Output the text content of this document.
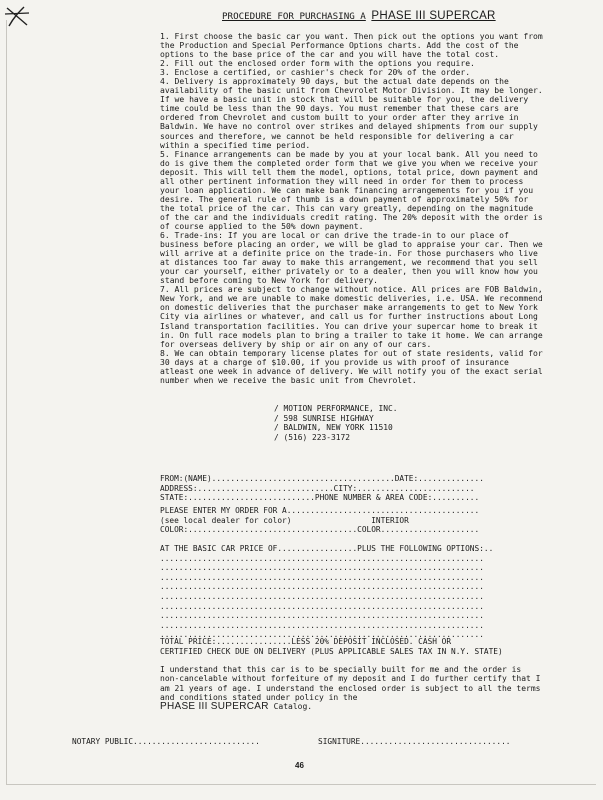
PROCEDURE FOR PURCHASING A PHASE III SUPERCAR

1. First choose the basic car you want. Then pick out the options you want from the Production and Special Performance Options charts. Add the cost of the options to the base price of the car and you will have the total cost.

2. Fill out the enclosed order form with the options you require.

3. Enclose a certified, or cashier's check for 20% of the order.

4. Delivery is approximately 90 days, but the actual date depends on the availability of the basic unit from Chevrolet Motor Division. It may be longer. If we have a basic unit in stock that will be suitable for you, the delivery time could be less than the 90 days. You must remember that these cars are ordered from Chevrolet and custom built to your order after they arrive in Baldwin. We have no control over strikes and delayed shipments from our supply sources and therefore, we cannot be held responsible for delivering a car within a specified time period.

5. Finance arrangements can be made by you at your local bank. All you need to do is give them the completed order form that we give you when we receive your deposit. This will tell them the model, options, total price, down payment and all other pertinent information they will need in order for them to process your loan application. We can make bank financing arrangements for you if you desire. The general rule of thumb is a down payment of approximately 50% for the total price of the car. This can vary greatly, depending on the magnitude of the car and the individuals credit rating. The 20% deposit with the order is of course applied to the 50% down payment.

6. Trade-ins: If you are local or can drive the trade-in to our place of business before placing an order, we will be glad to appraise your car. Then we will arrive at a definite price on the trade-in. For those purchasers who live at distances too far away to make this arrangement, we recommend that you sell your car yourself, either privately or to a dealer, then you will know how you stand before coming to New York for delivery.

7. All prices are subject to change without notice. All prices are FOB Baldwin, New York, and we are unable to make domestic deliveries, i.e. USA. We recommend on domestic deliveries that the purchaser make arrangements to get to New York City via airlines or whatever, and call us for further instructions about Long Island transportation facilities. You can drive your supercar home to break it in. On full race models plan to bring a trailer to take it home. We can arrange for overseas delivery by ship or air on any of our cars.

8. We can obtain temporary license plates for out of state residents, valid for 30 days at a charge of $10.00, if you provide us with proof of insurance atleast one week in advance of delivery. We will notify you of the exact serial number when we receive the basic unit from Chevrolet.

/ MOTION PERFORMANCE, INC.
/ 598 SUNRISE HIGHWAY
/ BALDWIN, NEW YORK 11510
/ (516) 223-3172
FROM:(NAME).......................................DATE:..............
ADDRESS:.............................CITY:.........................
STATE:...........................PHONE NUMBER & AREA CODE:..........
PLEASE ENTER MY ORDER FOR A.........................................
(see local dealer for color)                 INTERIOR
COLOR:....................................COLOR.....................
AT THE BASIC CAR PRICE OF.................PLUS THE FOLLOWING OPTIONS:..
.....................................................................
.....................................................................
.....................................................................
.....................................................................
.....................................................................
.....................................................................
.....................................................................
.....................................................................
.....................................................................
TOTAL PRICE:................LESS 20% DEPOSIT INCLOSED. CASH OR
CERTIFIED CHECK DUE ON DELIVERY (PLUS APPLICABLE SALES TAX IN N.Y. STATE)
I understand that this car is to be specially built for me and the order is non-cancelable without forfeiture of my deposit and I do further certify that I am 21 years of age. I understand the enclosed order is subject to all the terms and conditions stated under policy in the
PHASE III SUPERCAR Catalog.
NOTARY PUBLIC...........................	SIGNITURE................................
46
